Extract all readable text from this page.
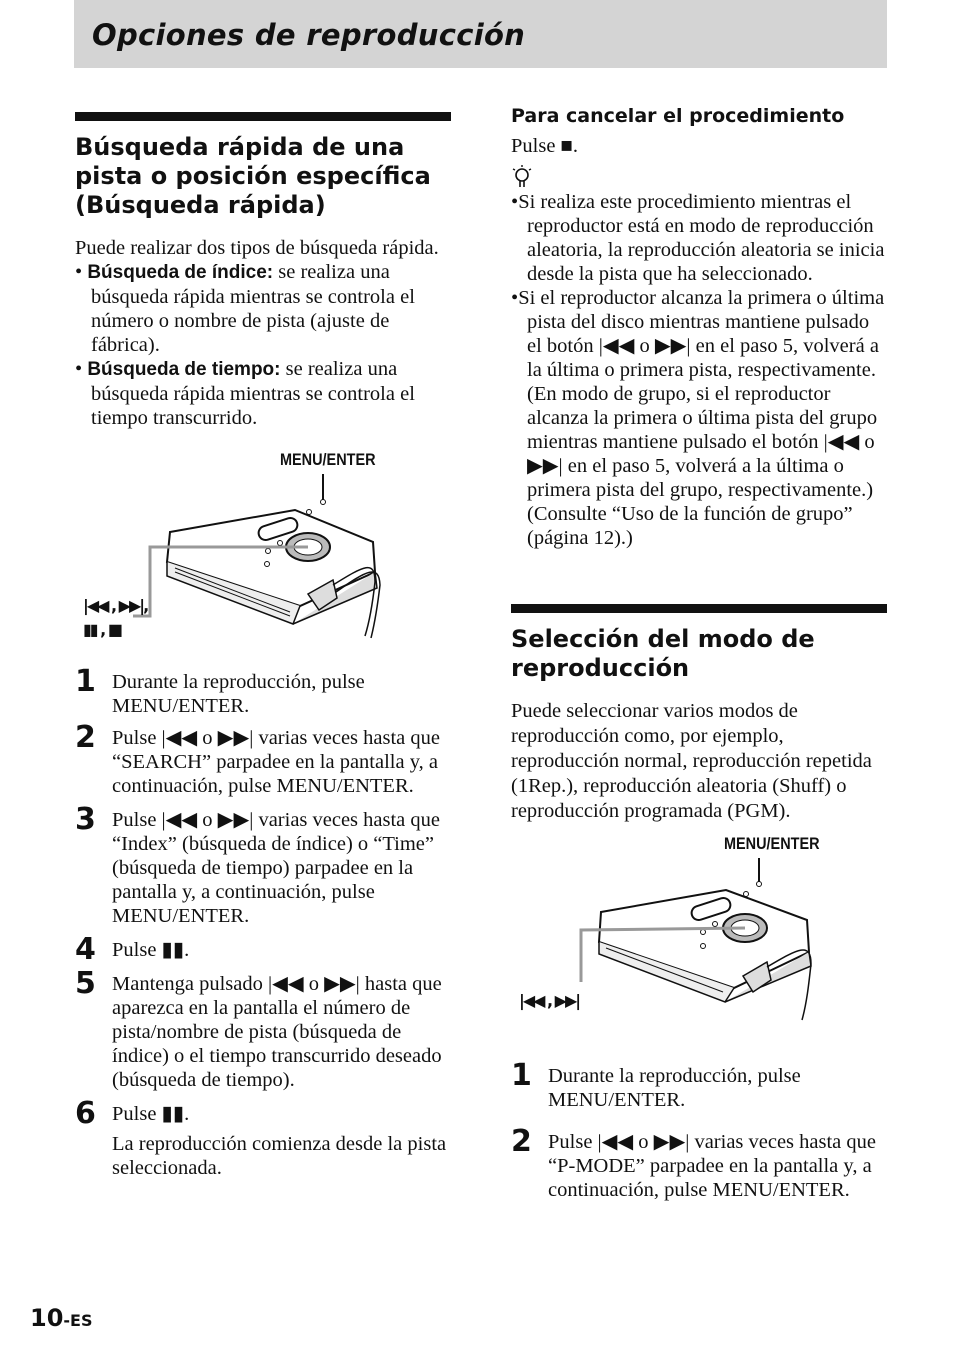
Opciones de reproducción
Búsqueda rápida de una pista o posición específica (Búsqueda rápida)

Puede realizar dos tipos de búsqueda rápida.

• Búsqueda de índice: se realiza una búsqueda rápida mientras se controla el número o nombre de pista (ajuste de fábrica).
• Búsqueda de tiempo: se realiza una búsqueda rápida mientras se controla el tiempo transcurrido.
MENU/ENTER
|◀◀ , ▶▶|,
▮▮ , ■
1 Durante la reproducción, pulse MENU/ENTER.

2 Pulse |◀◀ o ▶▶| varias veces hasta que “SEARCH” parpadee en la pantalla y, a continuación, pulse MENU/ENTER.

3 Pulse |◀◀ o ▶▶| varias veces hasta que “Index” (búsqueda de índice) o “Time” (búsqueda de tiempo) parpadee en la pantalla y, a continuación, pulse MENU/ENTER.

4 Pulse ▮▮.

5 Mantenga pulsado |◀◀ o ▶▶| hasta que aparezca en la pantalla el número de pista/nombre de pista (búsqueda de índice) o el tiempo transcurrido deseado (búsqueda de tiempo).

6 Pulse ▮▮.

La reproducción comienza desde la pista seleccionada.

Para cancelar el procedimiento

Pulse ■.

•Si realiza este procedimiento mientras el reproductor está en modo de reproducción aleatoria, la reproducción aleatoria se inicia desde la pista que ha seleccionado.
•Si el reproductor alcanza la primera o última pista del disco mientras mantiene pulsado el botón |◀◀ o ▶▶| en el paso 5, volverá a la última o primera pista, respectivamente. (En modo de grupo, si el reproductor alcanza la primera o última pista del grupo mientras mantiene pulsado el botón |◀◀ o ▶▶| en el paso 5, volverá a la última o primera pista del grupo, respectivamente.) (Consulte “Uso de la función de grupo” (página 12).)
Selección del modo de reproducción

Puede seleccionar varios modos de reproducción como, por ejemplo, reproducción normal, reproducción repetida (1Rep.), reproducción aleatoria (Shuff) o reproducción programada (PGM).

MENU/ENTER
|◀◀ , ▶▶|
1 Durante la reproducción, pulse MENU/ENTER.

2 Pulse |◀◀ o ▶▶| varias veces hasta que “P-MODE” parpadee en la pantalla y, a continuación, pulse MENU/ENTER.

10-ES
